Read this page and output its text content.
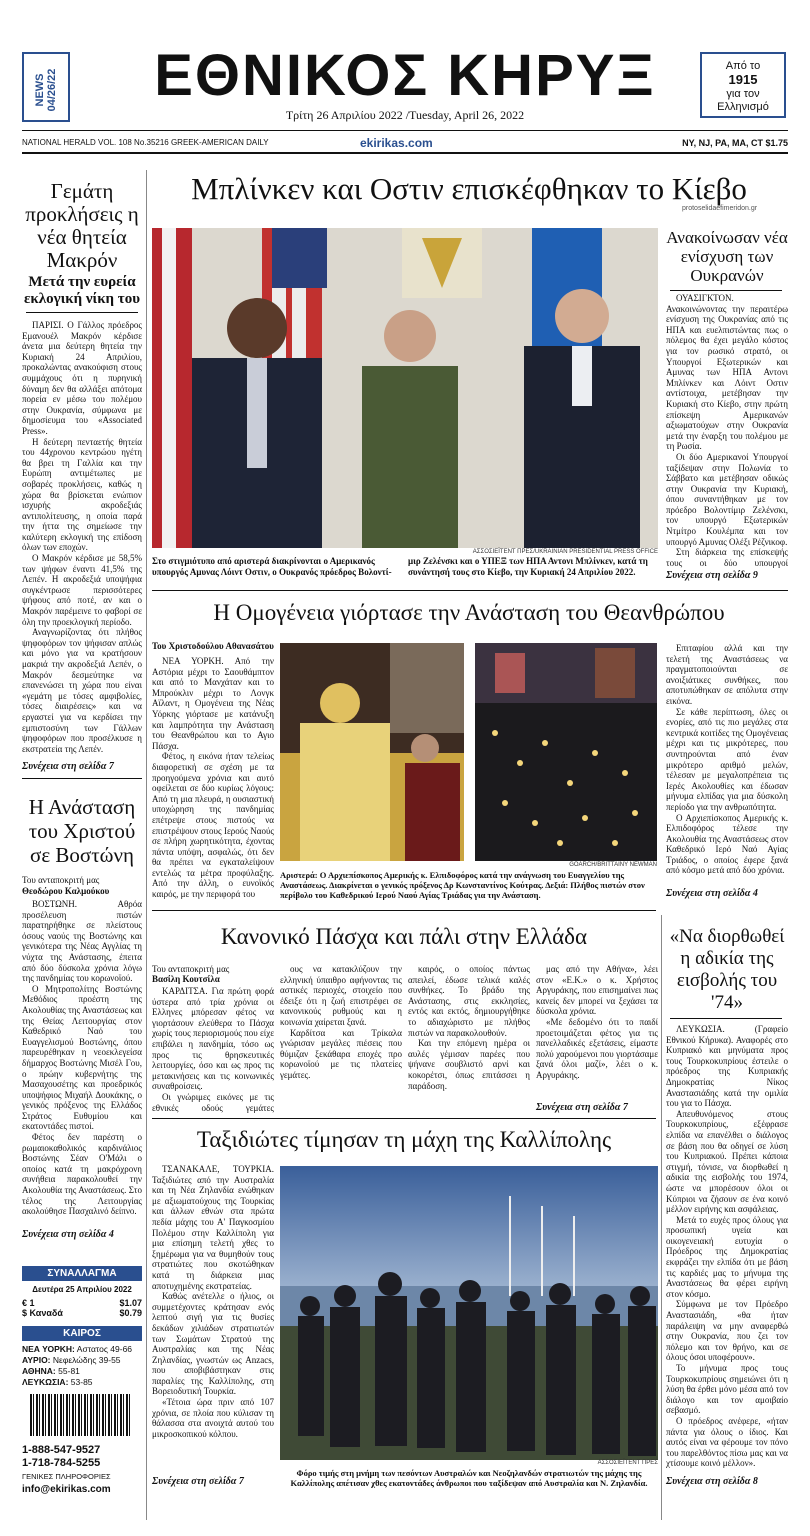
NEWS 04/26/22 ΕΘΝΙΚΟΣ ΚΗΡΥΞ	Από το
1915
για τον
Ελληνισμό
Τρίτη 26 Απριλίου 2022 /Tuesday, April 26, 2022
NATIONAL HERALD VOL. 108 No.35216 GREEK-AMERICAN DAILY	ekirikas.com	NY, NJ, PA, MA, CT $1.75
Μπλίνκεν και Οστιν επισκέφθηκαν το Κίεβο
protoselidaefimeridon.gr
ΑΣΣΟΣΙΕΪΤΕΝΤ ΠΡΕΣ/UKRAINIAN PRESIDENTIAL PRESS OFFICE
Στο στιγμιότυπο από αριστερά διακρίνονται ο Αμερικανός υπουργός Αμυνας Λόιντ Οστιν, ο Ουκρανός πρόεδρος Βολοντί-
μιρ Ζελένσκι και ο ΥΠΕΞ των ΗΠΑ Αντονι Μπλίνκεν, κατά τη συνάντησή τους στο Κίεβο, την Κυριακή 24 Απριλίου 2022.
Ανακοίνωσαν νέα ενίσχυση των Ουκρανών

ΟΥΑΣΙΓΚΤΟΝ. Ανακοινώνοντας την περαιτέρω ενίσχυση της Ουκρανίας από τις ΗΠΑ και ευελπιστώντας πως ο πόλεμος θα έχει μεγάλο κόστος για τον ρωσικό στρατό, οι Υπουργοί Εξωτερικών και Αμυνας των ΗΠΑ Αντονι Μπλίνκεν και Λόιντ Οστιν αντίστοιχα, μετέβησαν την Κυριακή στο Κίεβο, στην πρώτη επίσκεψη Αμερικανών αξιωματούχων στην Ουκρανία μετά την έναρξη του πολέμου με τη Ρωσία.

Οι δύο Αμερικανοί Υπουργοί ταξίδεψαν στην Πολωνία το Σάββατο και μετέβησαν οδικώς στην Ουκρανία την Κυριακή, όπου συναντήθηκαν με τον πρόεδρο Βολοντίμιρ Ζελένσκι, τον υπουργό Εξωτερικών Ντμίτρο Κουλέμπα και τον υπουργό Αμυνας Ολέξι Ρέζνικοφ.

Στη διάρκεια της επίσκεψής τους οι δύο υπουργοί

Συνέχεια στη σελίδα 9
Γεμάτη προκλήσεις η νέα θητεία Μακρόν
Μετά την ευρεία εκλογική νίκη του

ΠΑΡΙΣΙ. Ο Γάλλος πρόεδρος Εμανουέλ Μακρόν κέρδισε άνετα μια δεύτερη θητεία την Κυριακή 24 Απριλίου, προκαλώντας ανακούφιση στους συμμάχους ότι η πυρηνική δύναμη δεν θα αλλάξει απότομα πορεία εν μέσω του πολέμου στην Ουκρανία, σύμφωνα με δημοσίευμα του «Associated Press».

Η δεύτερη πενταετής θητεία του 44χρονου κεντρώου ηγέτη θα βρει τη Γαλλία και την Ευρώπη αντιμέτωπες με σοβαρές προκλήσεις, καθώς η χώρα θα βρίσκεται ενώπιον ισχυρής ακροδεξιάς αντιπολίτευσης, η οποία παρά την ήττα της σημείωσε την καλύτερη εκλογική της επίδοση όλων των εποχών.

Ο Μακρόν κέρδισε με 58,5% των ψήφων έναντι 41,5% της Λεπέν. Η ακροδεξιά υποψήφια συγκέντρωσε περισσότερες ψήφους από ποτέ, αν και ο Μακρόν παρέμεινε το φαβορί σε όλη την προεκλογική περίοδο.

Αναγνωρίζοντας ότι πλήθος ψηφοφόρων τον ψήφισαν απλώς και μόνο για να κρατήσουν μακριά την ακροδεξιά Λεπέν, ο Μακρόν δεσμεύτηκε να επανενώσει τη χώρα που είναι «γεμάτη με τόσες αμφιβολίες, τόσες διαιρέσεις» και να εργαστεί για να κερδίσει την εμπιστοσύνη των Γάλλων ψηφοφόρων που προσέλκυσε η εκστρατεία της Λεπέν.

Συνέχεια στη σελίδα 7
Η Ανάσταση του Χριστού σε Βοστώνη
Του ανταποκριτή μας
Θεοδώρου Καλμούκου

ΒΟΣΤΩΝΗ. Αθρόα προσέλευση πιστών παρατηρήθηκε σε πλείστους όσους ναούς της Βοστώνης και γενικότερα της Νέας Αγγλίας τη νύχτα της Ανάστασης, έπειτα από δύο δύσκολα χρόνια λόγω της πανδημίας του κορωνοϊού.

Ο Μητροπολίτης Βοστώνης Μεθόδιος προέστη της Ακολουθίας της Αναστάσεως και της Θείας Λειτουργίας στον Καθεδρικό Ναό του Ευαγγελισμού Βοστώνης, όπου παρευρέθηκαν η νεοεκλεγείσα δήμαρχος Βοστώνης Μισέλ Γου, ο πρώην κυβερνήτης της Μασαχουσέτης και προεδρικός υποψήφιος Μιχαήλ Δουκάκης, ο γενικός πρόξενος της Ελλάδος Στράτος Ευθυμίου και εκατοντάδες πιστοί.

Φέτος δεν παρέστη ο ρωμαιοκαθολικός καρδινάλιος Βοστώνης Σέαν Ο'Μάλι ο οποίος κατά τη μακρόχρονη συνήθεια παρακολουθεί την Ακολουθία της Αναστάσεως. Στο τέλος της Λειτουργίας ακολούθησε Πασχαλινό δείπνο.

Συνέχεια στη σελίδα 4
ΣΥΝΑΛΛΑΓΜΑ
Δευτέρα 25 Απριλίου 2022
€ 1	$1.07
$ Καναδά	$0.79
ΚΑΙΡΟΣ
ΝΕΑ ΥΟΡΚΗ: Αστατος 49-66
ΑΥΡΙΟ: Νεφελώδης 39-55
ΑΘΗΝΑ: 55-81
ΛΕΥΚΩΣΙΑ: 53-85
1-888-547-9527
1-718-784-5255
ΓΕΝΙΚΕΣ ΠΛΗΡΟΦΟΡΙΕΣ
info@ekirikas.com
Η Ομογένεια γιόρτασε την Ανάσταση του Θεανθρώπου
Του Χριστοδούλου Αθανασάτου

ΝΕΑ ΥΟΡΚΗ. Από την Αστόρια μέχρι το Σαουθάμπτον και από το Μανχάταν και το Μπρούκλιν μέχρι το Λονγκ Αϊλαντ, η Ομογένεια της Νέας Υόρκης γιόρτασε με κατάνυξη και λαμπρότητα την Ανάσταση του Θεανθρώπου και το Αγιο Πάσχα.

Φέτος, η εικόνα ήταν τελείως διαφορετική σε σχέση με τα προηγούμενα χρόνια και αυτό οφείλεται σε δύο κυρίως λόγους: Από τη μια πλευρά, η ουσιαστική υποχώρηση της πανδημίας επέτρεψε στους πιστούς να επιστρέψουν στους Ιερούς Ναούς σε πλήρη χωρητικότητα, έχοντας πάντα υπόψη, ασφαλώς, ότι δεν θα πρέπει να εγκαταλείψουν εντελώς τα μέτρα προφύλαξης. Από την άλλη, ο ευνοϊκός καιρός, με την περιφορά του

GOARCH/BRITTAINY NEWMAN
Αριστερά: Ο Αρχιεπίσκοπος Αμερικής κ. Ελπιδοφόρος κατά την ανάγνωση του Ευαγγελίου της Αναστάσεως. Διακρίνεται ο γενικός πρόξενος Δρ Κωνσταντίνος Κούτρας. Δεξιά: Πλήθος πιστών στον περίβολο του Καθεδρικού Ιερού Ναού Αγίας Τριάδας για την Ανάσταση.

Επιταφίου αλλά και την τελετή της Αναστάσεως να πραγματοποιούνται σε ανοιξιάτικες συνθήκες, που αποτυπώθηκαν σε απόλυτα στην εικόνα.

Σε κάθε περίπτωση, όλες οι ενορίες, από τις πιο μεγάλες στα κεντρικά κοιτίδες της Ομογένειας μέχρι και τις μικρότερες, που συντηρούνται από έναν μικρότερο αριθμό μελών, τέλεσαν με μεγαλοπρέπεια τις Ιερές Ακολουθίες και έδωσαν μήνυμα ελπίδας για μια δύσκολη περίοδο για την ανθρωπότητα.

Ο Αρχιεπίσκοπος Αμερικής κ. Ελπιδοφόρος τέλεσε την Ακολουθία της Αναστάσεως στον Καθεδρικό Ιερό Ναό Αγίας Τριάδος, ο οποίος έφερε ξανά από κόσμο μετά από δύο χρόνια.

Συνέχεια στη σελίδα 4
Κανονικό Πάσχα και πάλι στην Ελλάδα
Του ανταποκριτή μας
Βασίλη Κουτσίλα

ΚΑΡΔΙΤΣΑ. Για πρώτη φορά ύστερα από τρία χρόνια οι Ελληνες μπόρεσαν φέτος να γιορτάσουν ελεύθερα το Πάσχα χωρίς τους περιορισμούς που είχε επιβάλει η πανδημία, τόσο ως προς τις θρησκευτικές λειτουργίες, όσο και ως προς τις μετακινήσεις και τις κοινωνικές συναθροίσεις.

Οι γνώριμες εικόνες με τις εθνικές οδούς γεμάτες

ους να κατακλύζουν την ελληνική ύπαιθρο αφήνοντας τις αστικές περιοχές, στοιχείο που έδειξε ότι η ζωή επιστρέφει σε κανονικούς ρυθμούς και η κοινωνία χαίρεται ξανά.

Καρδίτσα και Τρίκαλα γνώρισαν μεγάλες πιέσεις που θύμιζαν ξεκάθαρα εποχές προ κορωνοϊού με τις πλατείες γεμάτες.

καιρός, ο οποίος πάντως απειλεί, έδωσε τελικά καλές συνθήκες. Το βράδυ της Ανάστασης, στις εκκλησίες, εντός και εκτός, δημιουργήθηκε το αδιαχώριστο με πλήθος πιστών να παρακολουθούν.

Και την επόμενη ημέρα οι αυλές γέμισαν παρέες που ψήνανε σουβλιστό αρνί και κοκορέτσι, όπως επιτάσσει η παράδοση.

μας από την Αθήνα», λέει στον «Ε.Κ.» ο κ. Χρήστος Αργυράκης, που επισημαίνει πως κανείς δεν μπορεί να ξεχάσει τα δύσκολα χρόνια.

«Με δεδομένο ότι το παιδί προετοιμάζεται φέτος για τις πανελλαδικές εξετάσεις, είμαστε πολύ χαρούμενοι που γιορτάσαμε ξανά όλοι μαζί», λέει ο κ. Αργυράκης.

Συνέχεια στη σελίδα 7
«Να διορθωθεί η αδικία της εισβολής του '74»

ΛΕΥΚΩΣΙΑ. (Γραφείο Εθνικού Κήρυκα). Αναφορές στο Κυπριακό και μηνύματα προς τους Τουρκοκυπρίους έστειλε ο πρόεδρος της Κυπριακής Δημοκρατίας Νίκος Αναστασιάδης κατά την ομιλία του για το Πάσχα.

Απευθυνόμενος στους Τουρκοκυπρίους, εξέφρασε ελπίδα να επανέλθει ο διάλογος σε βάση που θα οδηγεί σε λύση του Κυπριακού. Πρέπει κάποια στιγμή, τόνισε, να διορθωθεί η αδικία της εισβολής του 1974, ώστε να μπορέσουν όλοι οι Κύπριοι να ζήσουν σε ένα κοινό μέλλον ειρήνης και ασφάλειας.

Μετά το ευχές προς όλους για προσωπική υγεία και οικογενειακή ευτυχία ο Πρόεδρος της Δημοκρατίας εκφράζει την ελπίδα ότι με βάση τις καρδιές μας το μήνυμα της Αναστάσεως θα φέρει ειρήνη στον κόσμο.

Σύμφωνα με τον Πρόεδρο Αναστασιάδη, «θα ήταν παράλειψη να μην αναφερθώ στην Ουκρανία, που ζει τον πόλεμο και τον θρήνο, και σε όλους όσοι υποφέρουν».

Το μήνυμα προς τους Τουρκοκυπρίους σημειώνει ότι η λύση θα έρθει μόνο μέσα από τον διάλογο και τον αμοιβαίο σεβασμό.

Ο πρόεδρος ανέφερε, «ήταν πάντα για όλους ο ίδιος. Και αυτός είναι να φέρουμε τον πόνο του παρελθόντος πίσω μας και να χτίσουμε κοινό μέλλον».

Συνέχεια στη σελίδα 8
Ταξιδιώτες τίμησαν τη μάχη της Καλλίπολης

ΤΣΑΝΑΚΑΛΕ, ΤΟΥΡΚΙΑ. Ταξιδιώτες από την Αυστραλία και τη Νέα Ζηλανδία ενώθηκαν με αξιωματούχους της Τουρκίας και άλλων εθνών στα πρώτα πεδία μάχης του Α' Παγκοσμίου Πολέμου στην Καλλίπολη για μια επίσημη τελετή χθες το ξημέρωμα για να θυμηθούν τους στρατιώτες που σκοτώθηκαν κατά τη διάρκεια μιας αποτυχημένης εκστρατείας.

Καθώς ανέτελλε ο ήλιος, οι συμμετέχοντες κράτησαν ενός λεπτού σιγή για τις θυσίες δεκάδων χιλιάδων στρατιωτών των Σωμάτων Στρατού της Αυστραλίας και της Νέας Ζηλανδίας, γνωστών ως Anzacs, που αποβιβάστηκαν στις παραλίες της Καλλίπολης, στη Βορειοδυτική Τουρκία.

«Τέτοια ώρα πριν από 107 χρόνια, σε πλοία που κύλισαν τη θάλασσα στα ανοιχτά αυτού του μικροσκοπικού κόλπου.

Συνέχεια στη σελίδα 7
ΑΣΣΟΣΙΕΪΤΕΝΤ ΠΡΕΣ
Φόρο τιμής στη μνήμη των πεσόντων Αυστραλών και Νεοζηλανδών στρατιωτών της μάχης της Καλλίπολης απέτισαν χθες εκατοντάδες άνθρωποι που ταξίδεψαν από Αυστραλία και Ν. Ζηλανδία.
